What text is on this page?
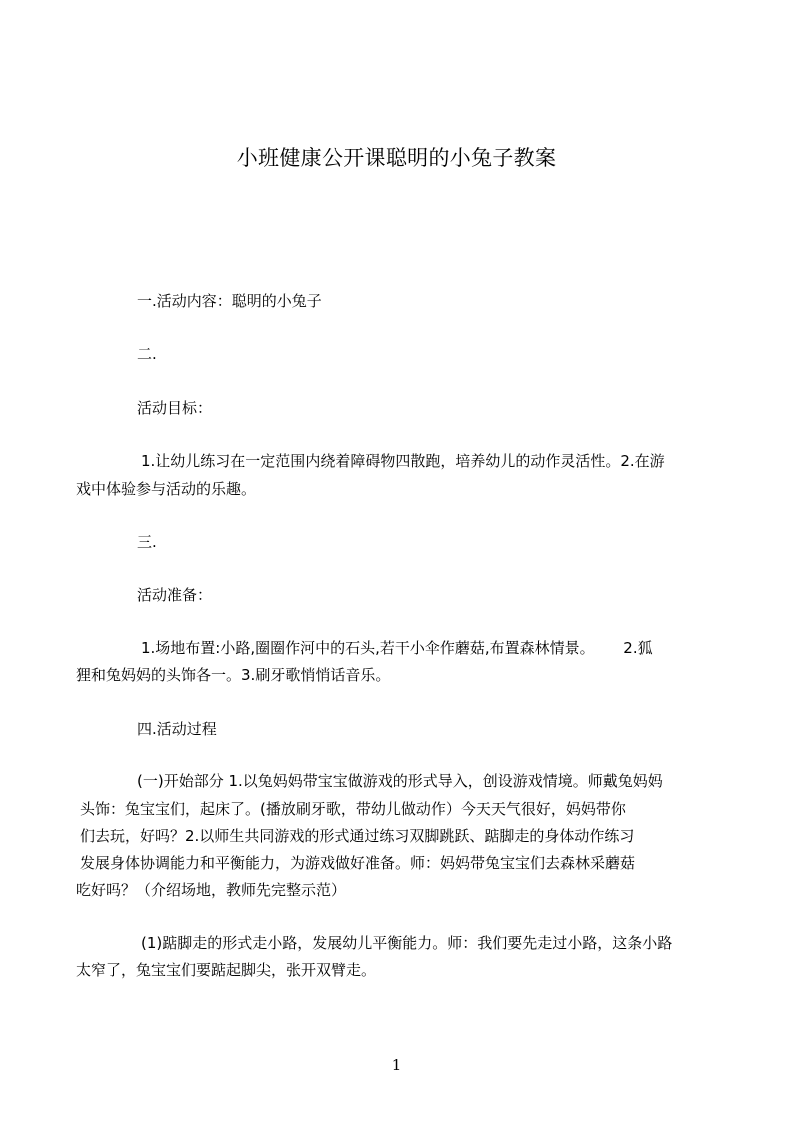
小班健康公开课聪明的小兔子教案
一.活动内容：聪明的小兔子
二.
活动目标：
1.让幼儿练习在一定范围内绕着障碍物四散跑，培养幼儿的动作灵活性。2.在游
戏中体验参与活动的乐趣。
三.
活动准备：
1.场地布置:小路,圈圈作河中的石头,若干小伞作蘑菇,布置森林情景。      2.狐
狸和兔妈妈的头饰各一。3.刷牙歌悄悄话音乐。
四.活动过程
(一)开始部分 1.以兔妈妈带宝宝做游戏的形式导入，创设游戏情境。师戴兔妈妈
头饰：兔宝宝们，起床了。(播放刷牙歌，带幼儿做动作）今天天气很好，妈妈带你
们去玩，好吗？2.以师生共同游戏的形式通过练习双脚跳跃、踮脚走的身体动作练习
发展身体协调能力和平衡能力，为游戏做好准备。师：妈妈带兔宝宝们去森林采蘑菇
吃好吗？（介绍场地，教师先完整示范）
(1)踮脚走的形式走小路，发展幼儿平衡能力。师：我们要先走过小路，这条小路
太窄了，兔宝宝们要踮起脚尖，张开双臂走。
1
